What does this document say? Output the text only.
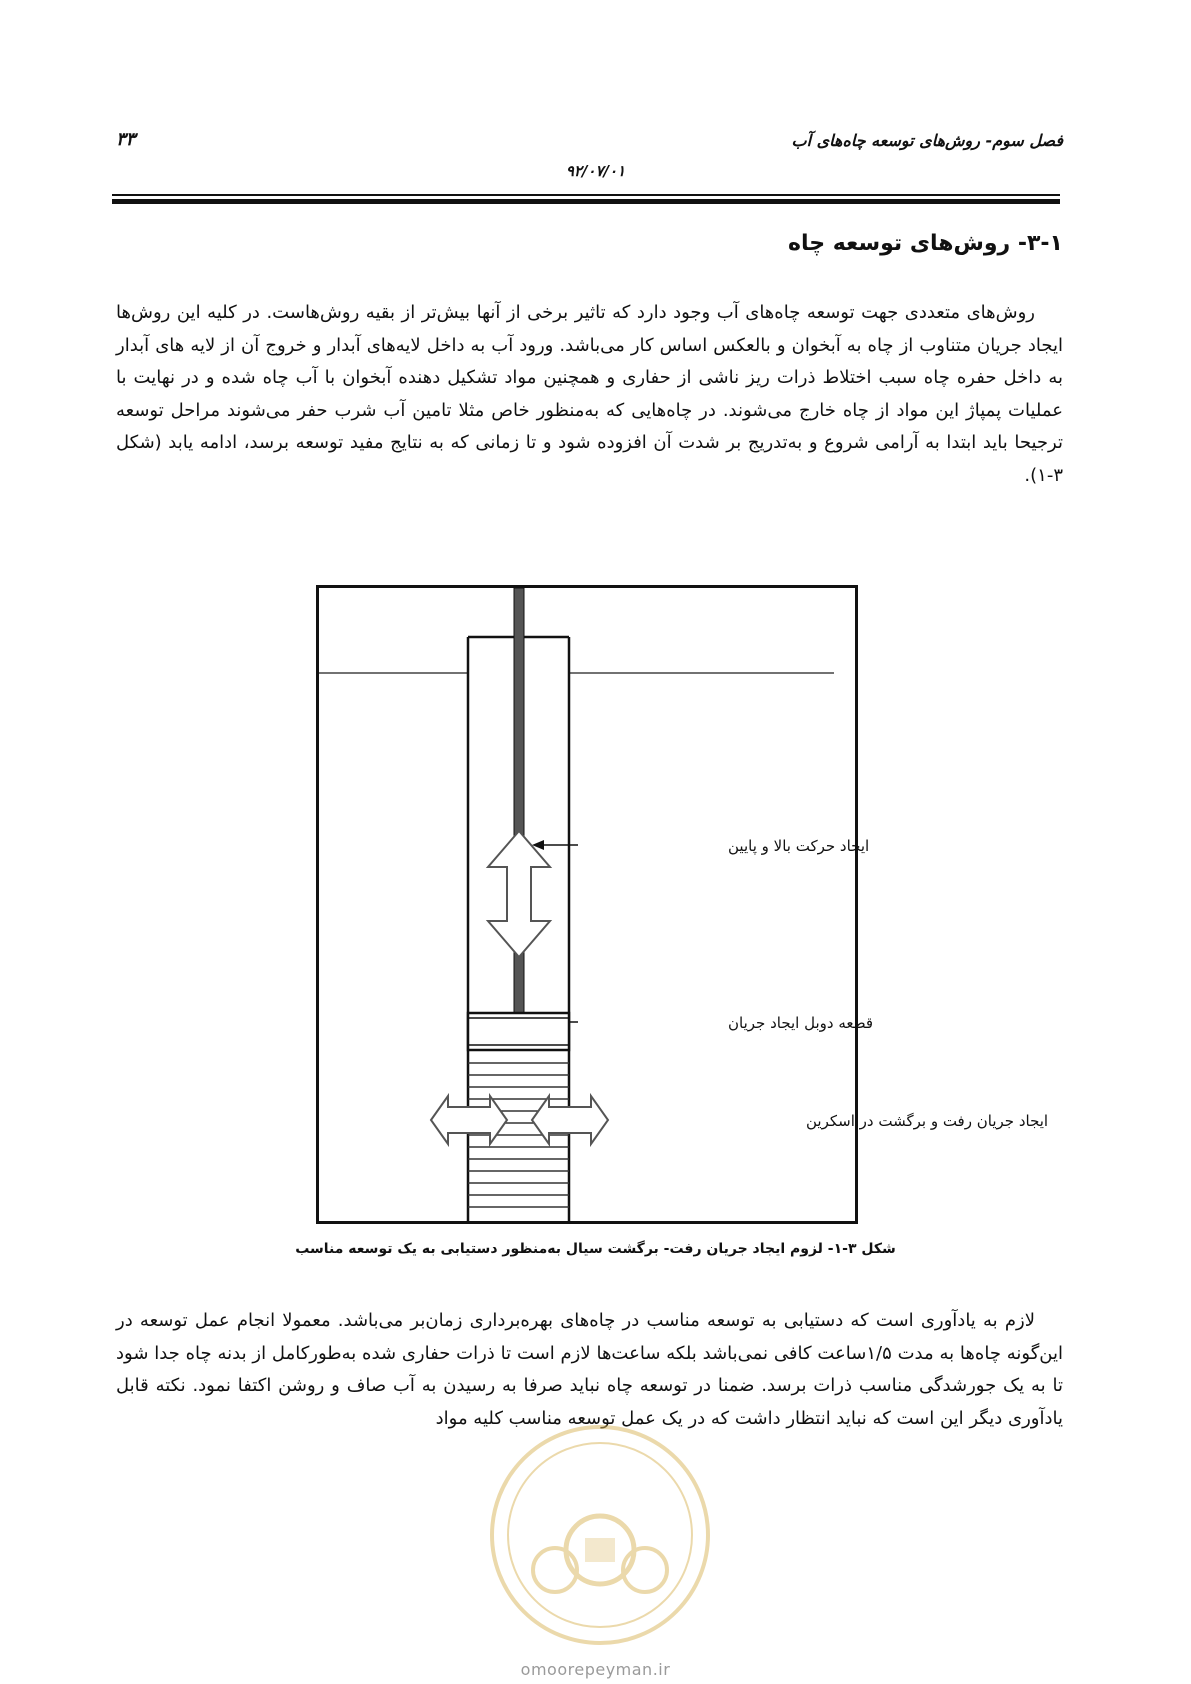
فصل سوم- روش‌های توسعه چاه‌های آب
۳۳
۹۲/۰۷/۰۱
۳-۱- روش‌های توسعه چاه

روش‌های متعددی جهت توسعه چاه‌های آب وجود دارد که تاثیر برخی از آنها بیش‌تر از بقیه روش‌هاست. در کلیه این روش‌ها ایجاد جریان متناوب از چاه به آبخوان و بالعکس اساس کار می‌باشد. ورود آب به داخل لایه‌های آبدار و خروج آن از لایه های آبدار به داخل حفره چاه سبب اختلاط ذرات ریز ناشی از حفاری و همچنین مواد تشکیل دهنده آبخوان با آب چاه شده و در نهایت با عملیات پمپاژ این مواد از چاه خارج می‌شوند. در چاه‌هایی که به‌منظور خاص مثلا تامین آب شرب حفر می‌شوند مراحل توسعه ترجیحا باید ابتدا به آرامی شروع و به‌تدریج بر شدت آن افزوده شود و تا زمانی که به نتایج مفید توسعه برسد، ادامه یابد (شکل ۳-۱).

ایجاد حرکت بالا و پایین
قطعه دوبل ایجاد جریان
ایجاد جریان رفت و برگشت در اسکرین
شکل ۳-۱- لزوم ایجاد جریان رفت- برگشت سیال به‌منظور دستیابی به یک توسعه مناسب

لازم به یادآوری است که دستیابی به توسعه مناسب در چاه‌های بهره‌برداری زمان‌بر می‌باشد. معمولا انجام عمل توسعه در این‌گونه چاه‌ها به مدت ۱/۵ساعت کافی نمی‌باشد بلکه ساعت‌ها لازم است تا ذرات حفاری شده به‌طورکامل از بدنه چاه جدا شود تا به یک جورشدگی مناسب ذرات برسد. ضمنا در توسعه چاه نباید صرفا به رسیدن به آب صاف و روشن اکتفا نمود. نکته قابل یادآوری دیگر این است که نباید انتظار داشت که در یک عمل توسعه مناسب کلیه مواد

omoorepeyman.ir
